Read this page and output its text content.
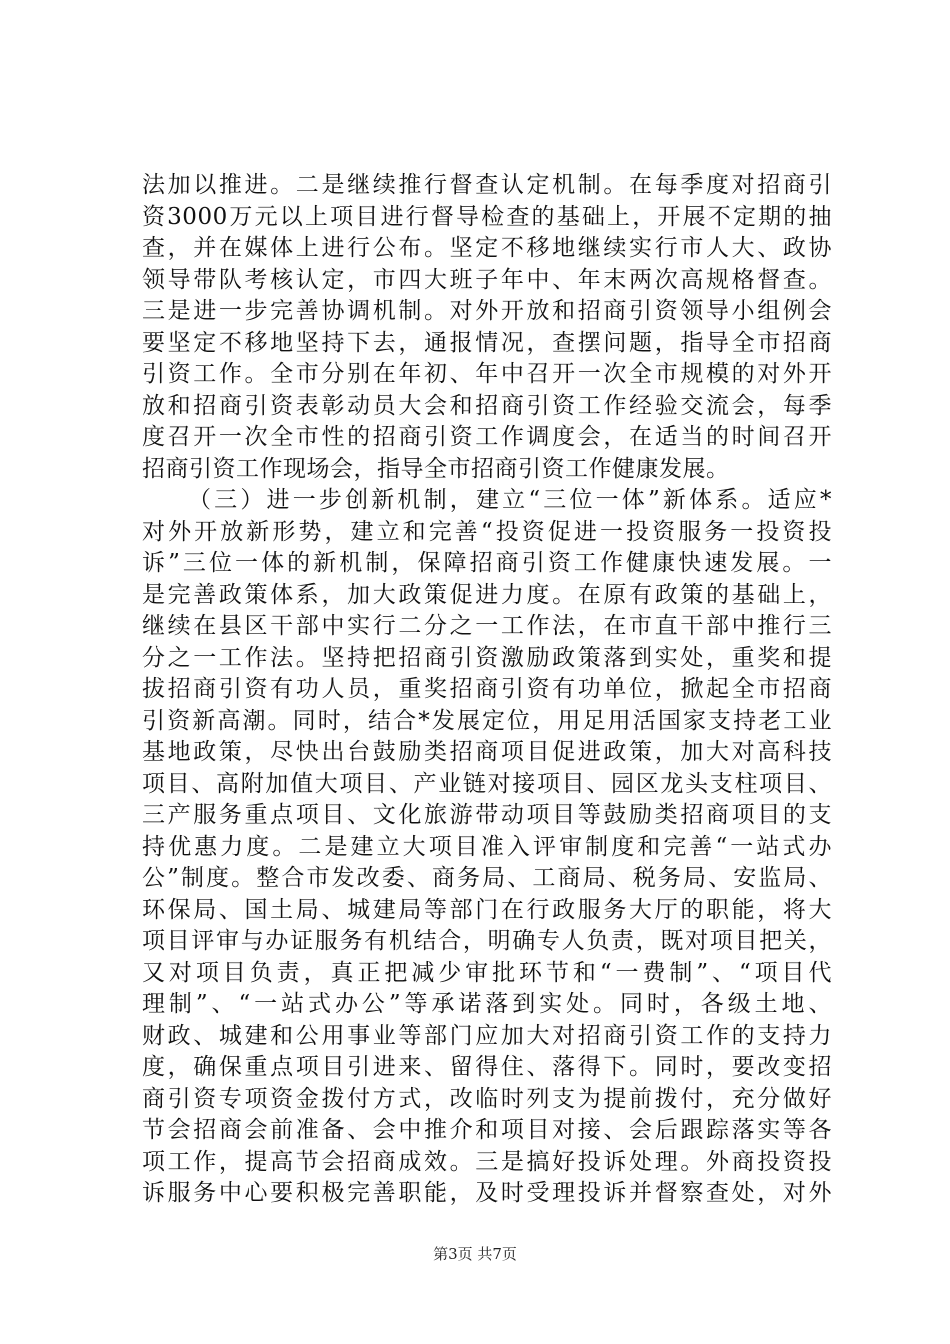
法加以推进。二是继续推行督查认定机制。在每季度对招商引
资3000万元以上项目进行督导检查的基础上，开展不定期的抽
查，并在媒体上进行公布。坚定不移地继续实行市人大、政协
领导带队考核认定，市四大班子年中、年末两次高规格督查。
三是进一步完善协调机制。对外开放和招商引资领导小组例会
要坚定不移地坚持下去，通报情况，查摆问题，指导全市招商
引资工作。全市分别在年初、年中召开一次全市规模的对外开
放和招商引资表彰动员大会和招商引资工作经验交流会，每季
度召开一次全市性的招商引资工作调度会，在适当的时间召开
招商引资工作现场会，指导全市招商引资工作健康发展。
（三）进一步创新机制，建立“三位一体”新体系。适应*
对外开放新形势，建立和完善“投资促进一投资服务一投资投
诉”三位一体的新机制，保障招商引资工作健康快速发展。一
是完善政策体系，加大政策促进力度。在原有政策的基础上，
继续在县区干部中实行二分之一工作法，在市直干部中推行三
分之一工作法。坚持把招商引资激励政策落到实处，重奖和提
拔招商引资有功人员，重奖招商引资有功单位，掀起全市招商
引资新高潮。同时，结合*发展定位，用足用活国家支持老工业
基地政策，尽快出台鼓励类招商项目促进政策，加大对高科技
项目、高附加值大项目、产业链对接项目、园区龙头支柱项目、
三产服务重点项目、文化旅游带动项目等鼓励类招商项目的支
持优惠力度。二是建立大项目准入评审制度和完善“一站式办
公”制度。整合市发改委、商务局、工商局、税务局、安监局、
环保局、国土局、城建局等部门在行政服务大厅的职能，将大
项目评审与办证服务有机结合，明确专人负责，既对项目把关，
又对项目负责，真正把减少审批环节和“一费制”、“项目代
理制”、“一站式办公”等承诺落到实处。同时，各级土地、
财政、城建和公用事业等部门应加大对招商引资工作的支持力
度，确保重点项目引进来、留得住、落得下。同时，要改变招
商引资专项资金拨付方式，改临时列支为提前拨付，充分做好
节会招商会前准备、会中推介和项目对接、会后跟踪落实等各
项工作，提高节会招商成效。三是搞好投诉处理。外商投资投
诉服务中心要积极完善职能，及时受理投诉并督察查处，对外
第3页 共7页
